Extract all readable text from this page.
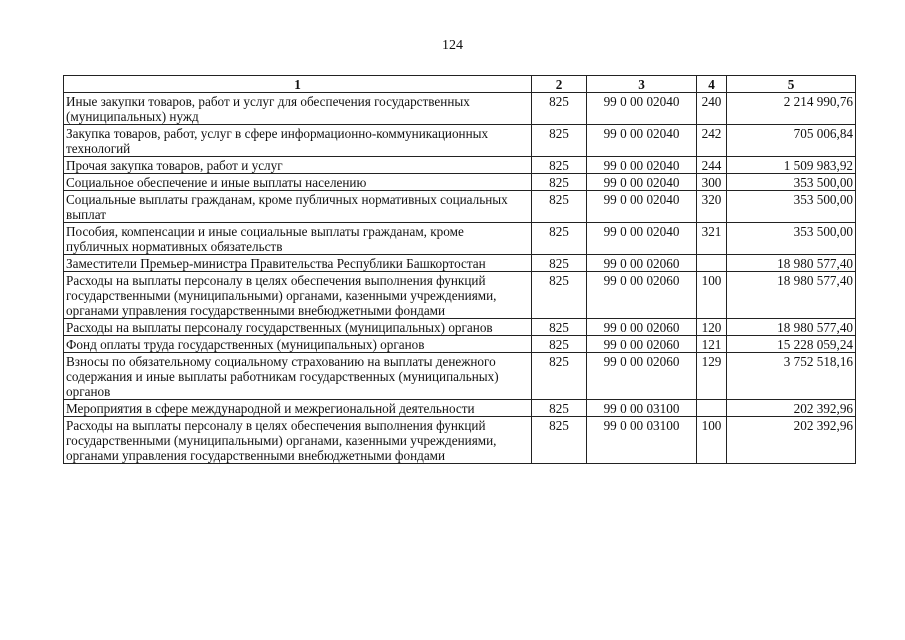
124
1	2	3	4	5
Иные закупки товаров, работ и услуг для обеспечения государственных (муниципальных) нужд	825	99 0 00 02040	240	2 214 990,76
Закупка товаров, работ, услуг в сфере информационно-коммуникационных технологий	825	99 0 00 02040	242	705 006,84
Прочая закупка товаров, работ и услуг	825	99 0 00 02040	244	1 509 983,92
Социальное обеспечение и иные выплаты населению	825	99 0 00 02040	300	353 500,00
Социальные выплаты гражданам, кроме публичных нормативных социальных выплат	825	99 0 00 02040	320	353 500,00
Пособия, компенсации и иные социальные выплаты гражданам, кроме публичных нормативных обязательств	825	99 0 00 02040	321	353 500,00
Заместители Премьер-министра Правительства Республики Башкортостан	825	99 0 00 02060		18 980 577,40
Расходы на выплаты персоналу в целях обеспечения выполнения функций государственными (муниципальными) органами, казенными учреждениями, органами управления государственными внебюджетными фондами	825	99 0 00 02060	100	18 980 577,40
Расходы на выплаты персоналу государственных (муниципальных) органов	825	99 0 00 02060	120	18 980 577,40
Фонд оплаты труда государственных (муниципальных) органов	825	99 0 00 02060	121	15 228 059,24
Взносы по обязательному социальному страхованию на выплаты денежного содержания и иные выплаты работникам государственных (муниципальных) органов	825	99 0 00 02060	129	3 752 518,16
Мероприятия в сфере международной и межрегиональной деятельности	825	99 0 00 03100		202 392,96
Расходы на выплаты персоналу в целях обеспечения выполнения функций государственными (муниципальными) органами, казенными учреждениями, органами управления государственными внебюджетными фондами	825	99 0 00 03100	100	202 392,96
